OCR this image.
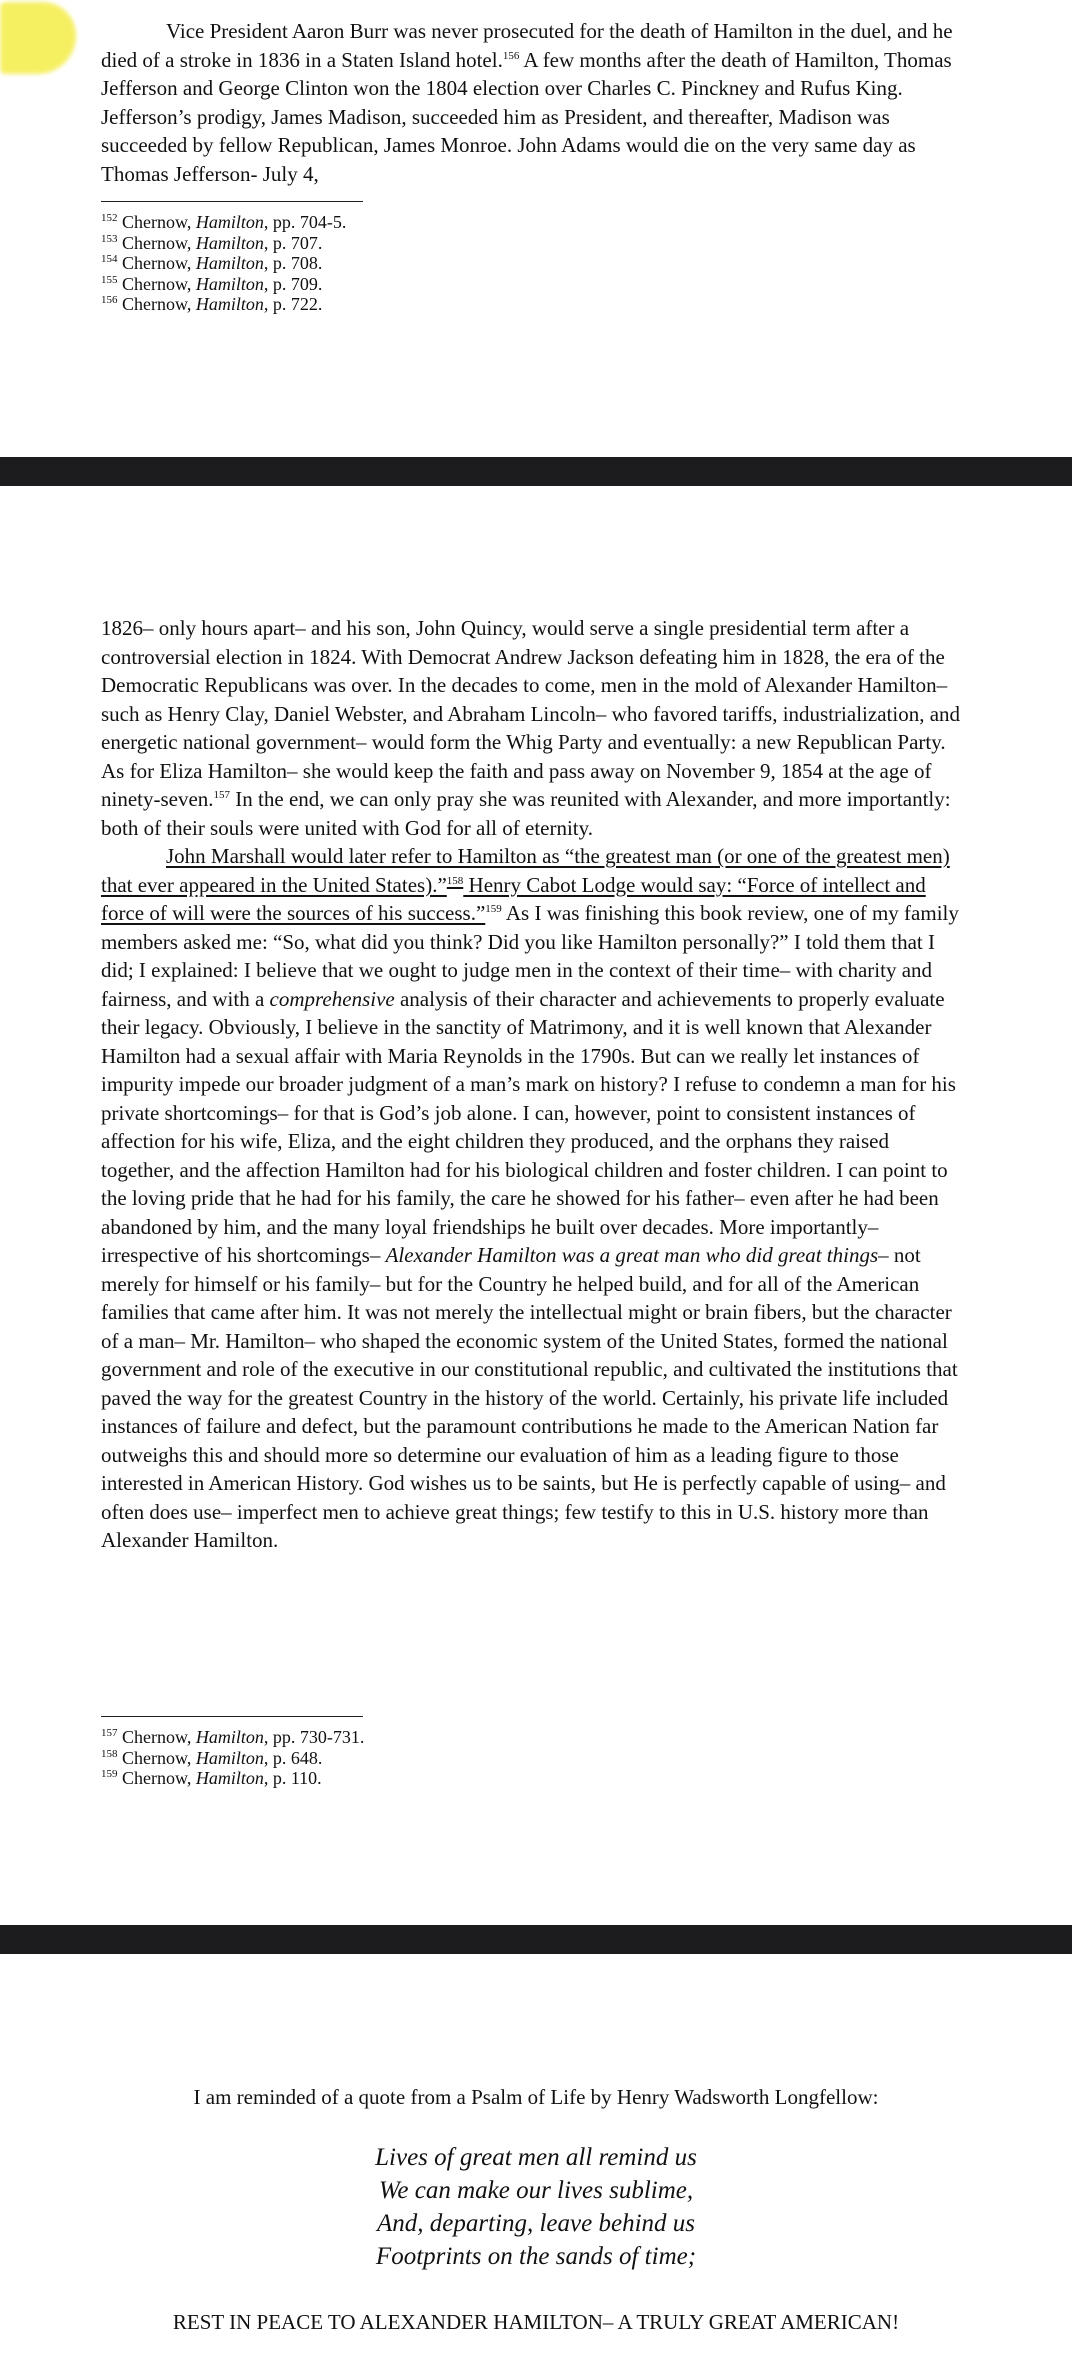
Vice President Aaron Burr was never prosecuted for the death of Hamilton in the duel, and he died of a stroke in 1836 in a Staten Island hotel.$^{156}$ A few months after the death of Hamilton, Thomas Jefferson and George Clinton won the 1804 election over Charles C. Pinckney and Rufus King. Jefferson’s prodigy, James Madison, succeeded him as President, and thereafter, Madison was succeeded by fellow Republican, James Monroe. John Adams would die on the very same day as Thomas Jefferson- July 4,

$^{152}$ Chernow, Hamilton, pp. 704-5.

$^{153}$ Chernow, Hamilton, p. 707.

$^{154}$ Chernow, Hamilton, p. 708.

$^{155}$ Chernow, Hamilton, p. 709.

$^{156}$ Chernow, Hamilton, p. 722.

1826– only hours apart– and his son, John Quincy, would serve a single presidential term after a controversial election in 1824. With Democrat Andrew Jackson defeating him in 1828, the era of the Democratic Republicans was over. In the decades to come, men in the mold of Alexander Hamilton– such as Henry Clay, Daniel Webster, and Abraham Lincoln– who favored tariffs, industrialization, and energetic national government– would form the Whig Party and eventually: a new Republican Party. As for Eliza Hamilton– she would keep the faith and pass away on November 9, 1854 at the age of ninety-seven.$^{157}$ In the end, we can only pray she was reunited with Alexander, and more importantly: both of their souls were united with God for all of eternity.

John Marshall would later refer to Hamilton as “the greatest man (or one of the greatest men) that ever appeared in the United States).”$^{158}$ Henry Cabot Lodge would say: “Force of intellect and force of will were the sources of his success.”$^{159}$ As I was finishing this book review, one of my family members asked me: “So, what did you think? Did you like Hamilton personally?” I told them that I did; I explained: I believe that we ought to judge men in the context of their time– with charity and fairness, and with a comprehensive analysis of their character and achievements to properly evaluate their legacy. Obviously, I believe in the sanctity of Matrimony, and it is well known that Alexander Hamilton had a sexual affair with Maria Reynolds in the 1790s. But can we really let instances of impurity impede our broader judgment of a man’s mark on history? I refuse to condemn a man for his private shortcomings– for that is God’s job alone. I can, however, point to consistent instances of affection for his wife, Eliza, and the eight children they produced, and the orphans they raised together, and the affection Hamilton had for his biological children and foster children. I can point to the loving pride that he had for his family, the care he showed for his father– even after he had been abandoned by him, and the many loyal friendships he built over decades. More importantly– irrespective of his shortcomings– Alexander Hamilton was a great man who did great things– not merely for himself or his family– but for the Country he helped build, and for all of the American families that came after him. It was not merely the intellectual might or brain fibers, but the character of a man– Mr. Hamilton– who shaped the economic system of the United States, formed the national government and role of the executive in our constitutional republic, and cultivated the institutions that paved the way for the greatest Country in the history of the world. Certainly, his private life included instances of failure and defect, but the paramount contributions he made to the American Nation far outweighs this and should more so determine our evaluation of him as a leading figure to those interested in American History. God wishes us to be saints, but He is perfectly capable of using– and often does use– imperfect men to achieve great things; few testify to this in U.S. history more than Alexander Hamilton.

$^{157}$ Chernow, Hamilton, pp. 730-731.

$^{158}$ Chernow, Hamilton, p. 648.

$^{159}$ Chernow, Hamilton, p. 110.

I am reminded of a quote from a Psalm of Life by Henry Wadsworth Longfellow:

Lives of great men all remind us

We can make our lives sublime,

And, departing, leave behind us

Footprints on the sands of time;

REST IN PEACE TO ALEXANDER HAMILTON– A TRULY GREAT AMERICAN!
